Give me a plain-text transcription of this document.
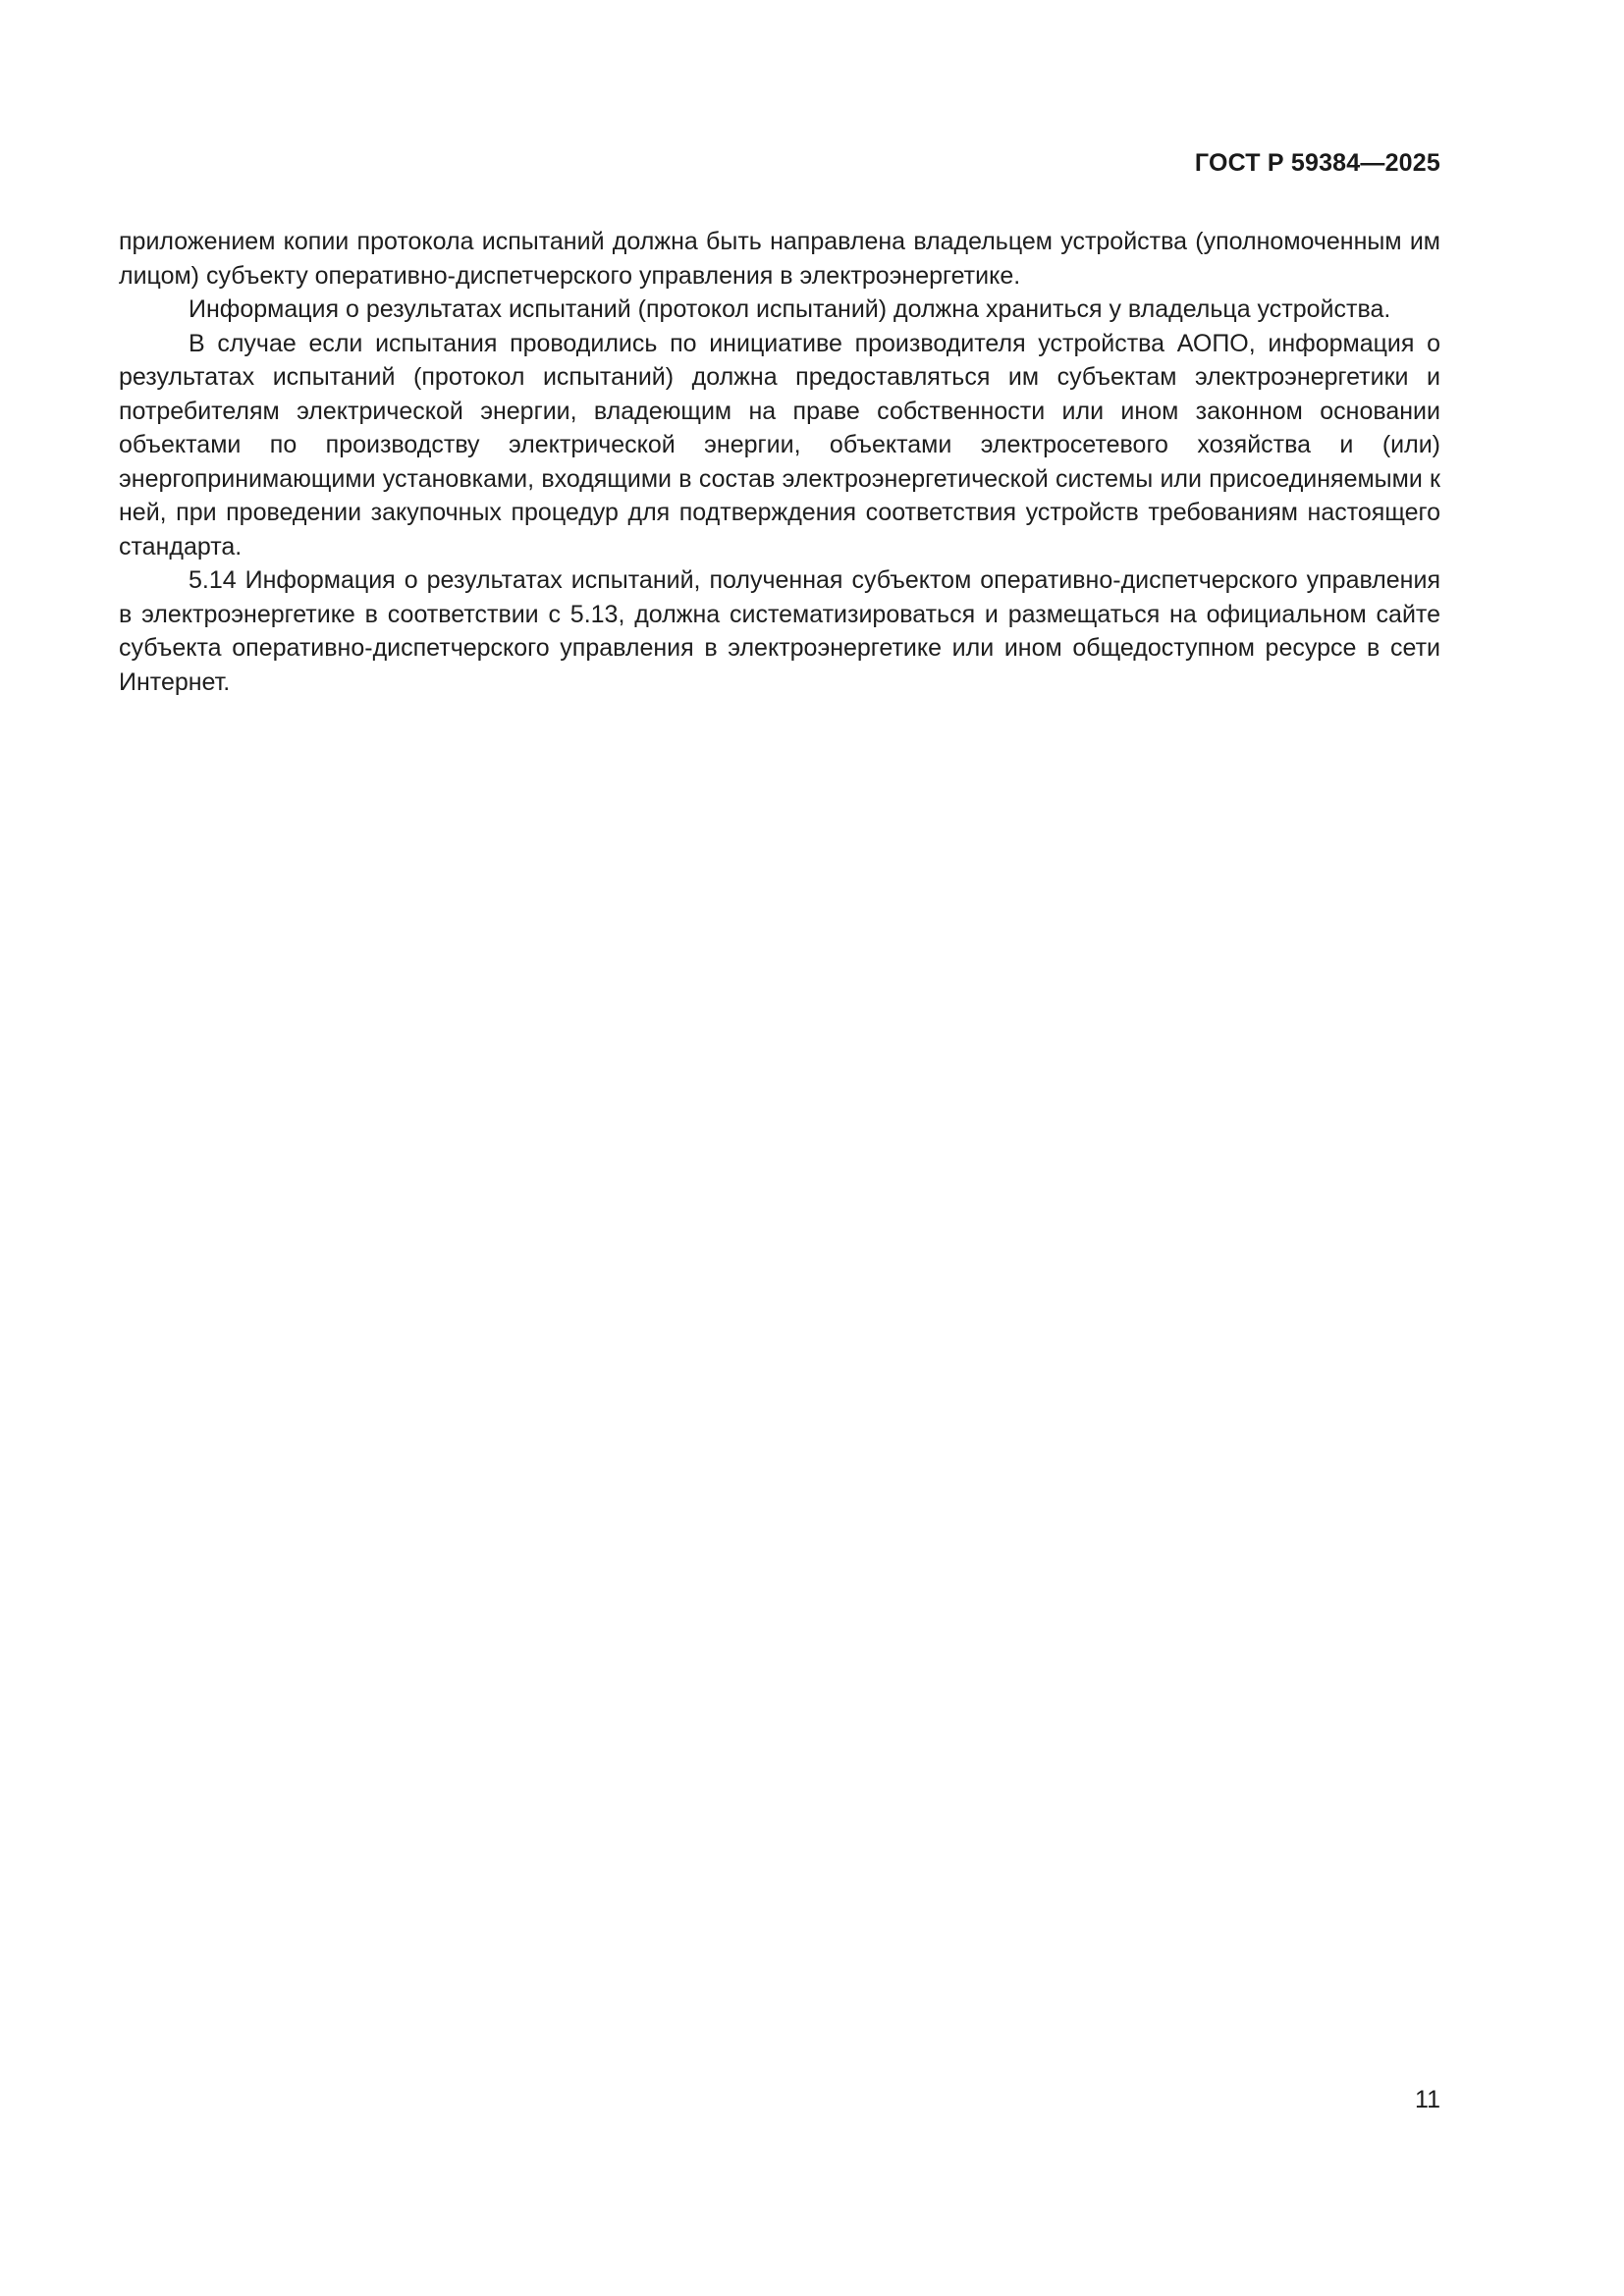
ГОСТ Р 59384—2025

приложением копии протокола испытаний должна быть направлена владельцем устройства (уполномоченным им лицом) субъекту оперативно-диспетчерского управления в электроэнергетике.

Информация о результатах испытаний (протокол испытаний) должна храниться у владельца устройства.

В случае если испытания проводились по инициативе производителя устройства АОПО, информация о результатах испытаний (протокол испытаний) должна предоставляться им субъектам электроэнергетики и потребителям электрической энергии, владеющим на праве собственности или ином законном основании объектами по производству электрической энергии, объектами электросетевого хозяйства и (или) энергопринимающими установками, входящими в состав электроэнергетической системы или присоединяемыми к ней, при проведении закупочных процедур для подтверждения соответствия устройств требованиям настоящего стандарта.

5.14 Информация о результатах испытаний, полученная субъектом оперативно-диспетчерского управления в электроэнергетике в соответствии с 5.13, должна систематизироваться и размещаться на официальном сайте субъекта оперативно-диспетчерского управления в электроэнергетике или ином общедоступном ресурсе в сети Интернет.

11
